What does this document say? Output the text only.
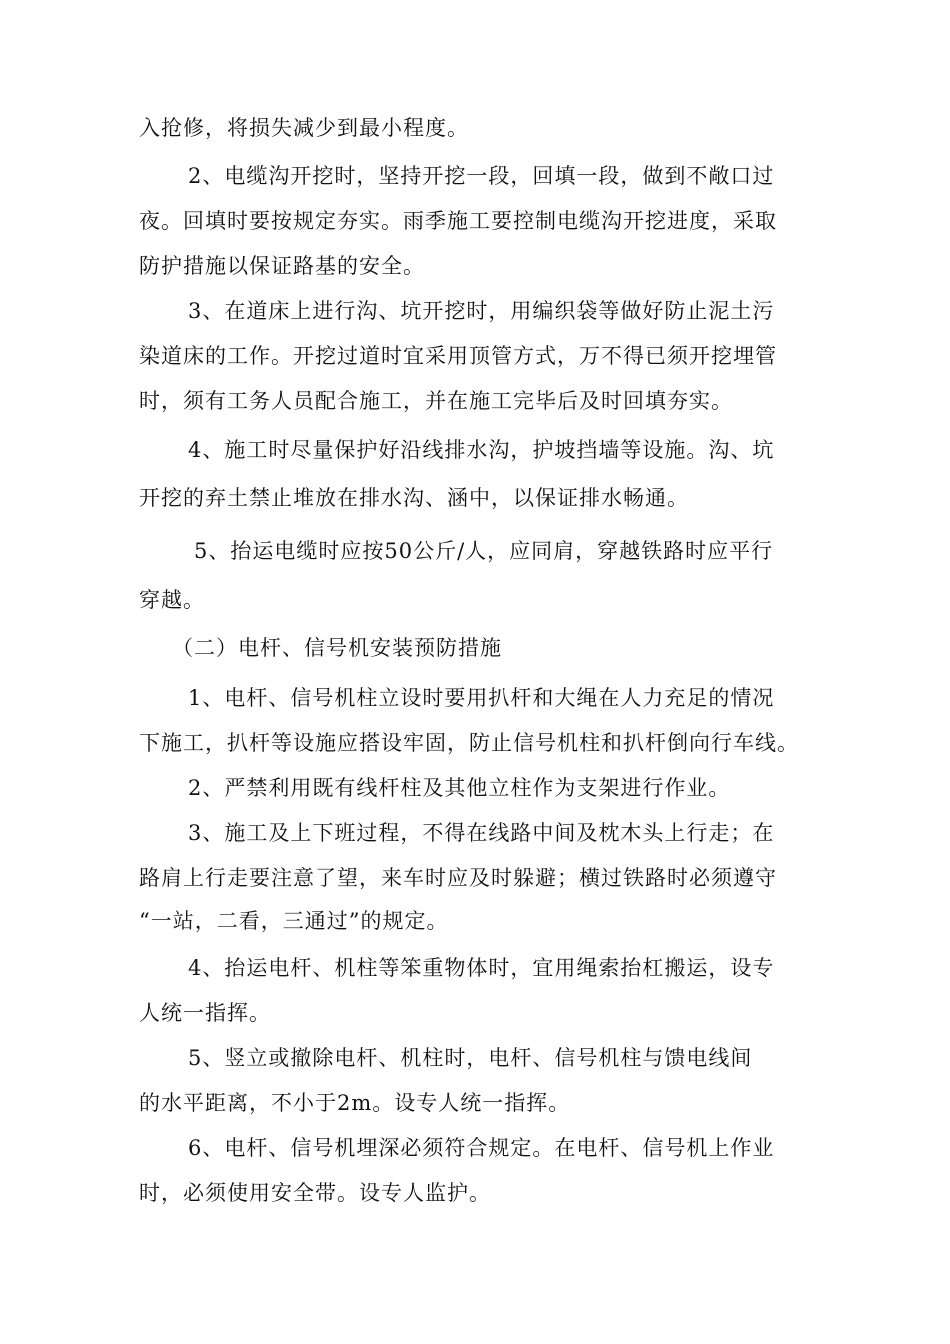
入抢修，将损失减少到最小程度。
2、电缆沟开挖时，坚持开挖一段，回填一段，做到不敞口过
夜。回填时要按规定夯实。雨季施工要控制电缆沟开挖进度，采取
防护措施以保证路基的安全。
3、在道床上进行沟、坑开挖时，用编织袋等做好防止泥土污
染道床的工作。开挖过道时宜采用顶管方式，万不得已须开挖埋管
时，须有工务人员配合施工，并在施工完毕后及时回填夯实。
4、施工时尽量保护好沿线排水沟，护坡挡墙等设施。沟、坑
开挖的弃土禁止堆放在排水沟、涵中，以保证排水畅通。
5、抬运电缆时应按50公斤/人，应同肩，穿越铁路时应平行
穿越。
（二）电杆、信号机安装预防措施
1、电杆、信号机柱立设时要用扒杆和大绳在人力充足的情况
下施工，扒杆等设施应搭设牢固，防止信号机柱和扒杆倒向行车线。
2、严禁利用既有线杆柱及其他立柱作为支架进行作业。
3、施工及上下班过程，不得在线路中间及枕木头上行走；在
路肩上行走要注意了望，来车时应及时躲避；横过铁路时必须遵守
“一站，二看，三通过”的规定。
4、抬运电杆、机柱等笨重物体时，宜用绳索抬杠搬运，设专
人统一指挥。
5、竖立或撤除电杆、机柱时，电杆、信号机柱与馈电线间
的水平距离，不小于2m。设专人统一指挥。
6、电杆、信号机埋深必须符合规定。在电杆、信号机上作业
时，必须使用安全带。设专人监护。
